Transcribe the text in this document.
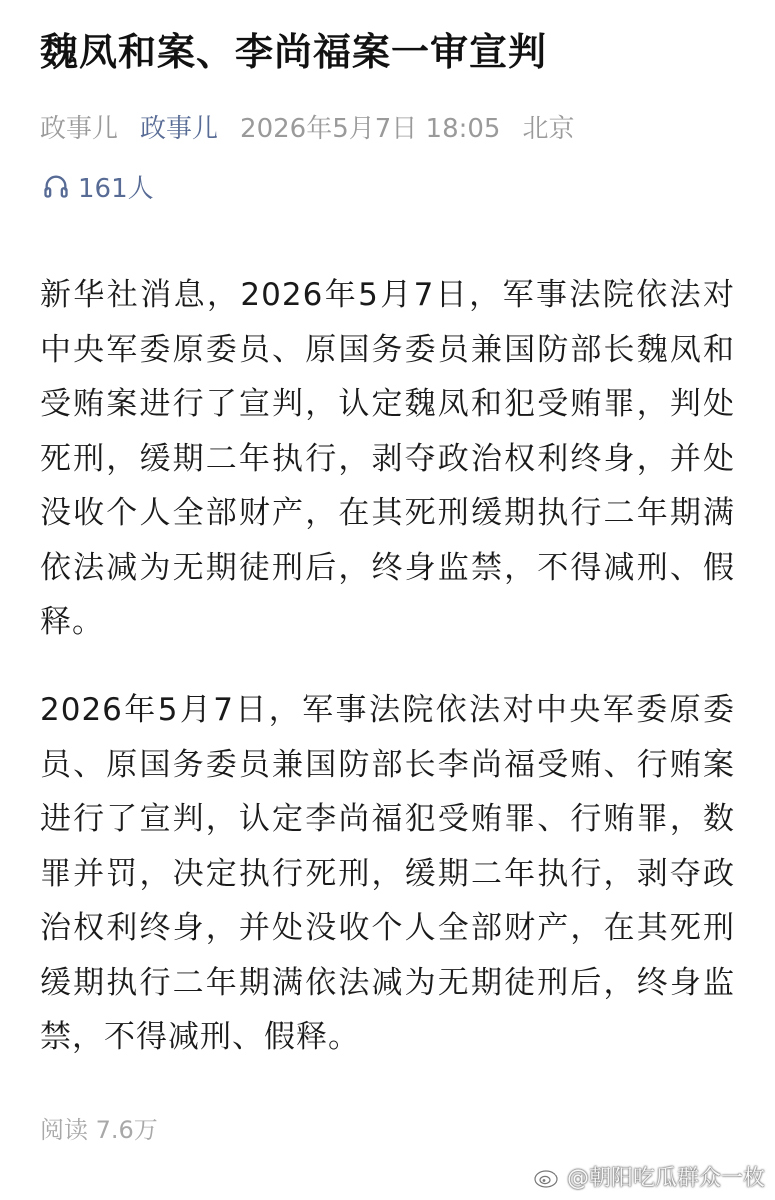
魏凤和案、李尚福案一审宣判
政事儿 政事儿 2026年5月7日 18:05 北京
161人

新华社消息，2026年5月7日，军事法院依法对中央军委原委员、原国务委员兼国防部长魏凤和受贿案进行了宣判，认定魏凤和犯受贿罪，判处死刑，缓期二年执行，剥夺政治权利终身，并处没收个人全部财产，在其死刑缓期执行二年期满依法减为无期徒刑后，终身监禁，不得减刑、假释。

2026年5月7日，军事法院依法对中央军委原委员、原国务委员兼国防部长李尚福受贿、行贿案进行了宣判，认定李尚福犯受贿罪、行贿罪，数罪并罚，决定执行死刑，缓期二年执行，剥夺政治权利终身，并处没收个人全部财产，在其死刑缓期执行二年期满依法减为无期徒刑后，终身监禁，不得减刑、假释。

阅读 7.6万
@朝阳吃瓜群众一枚
